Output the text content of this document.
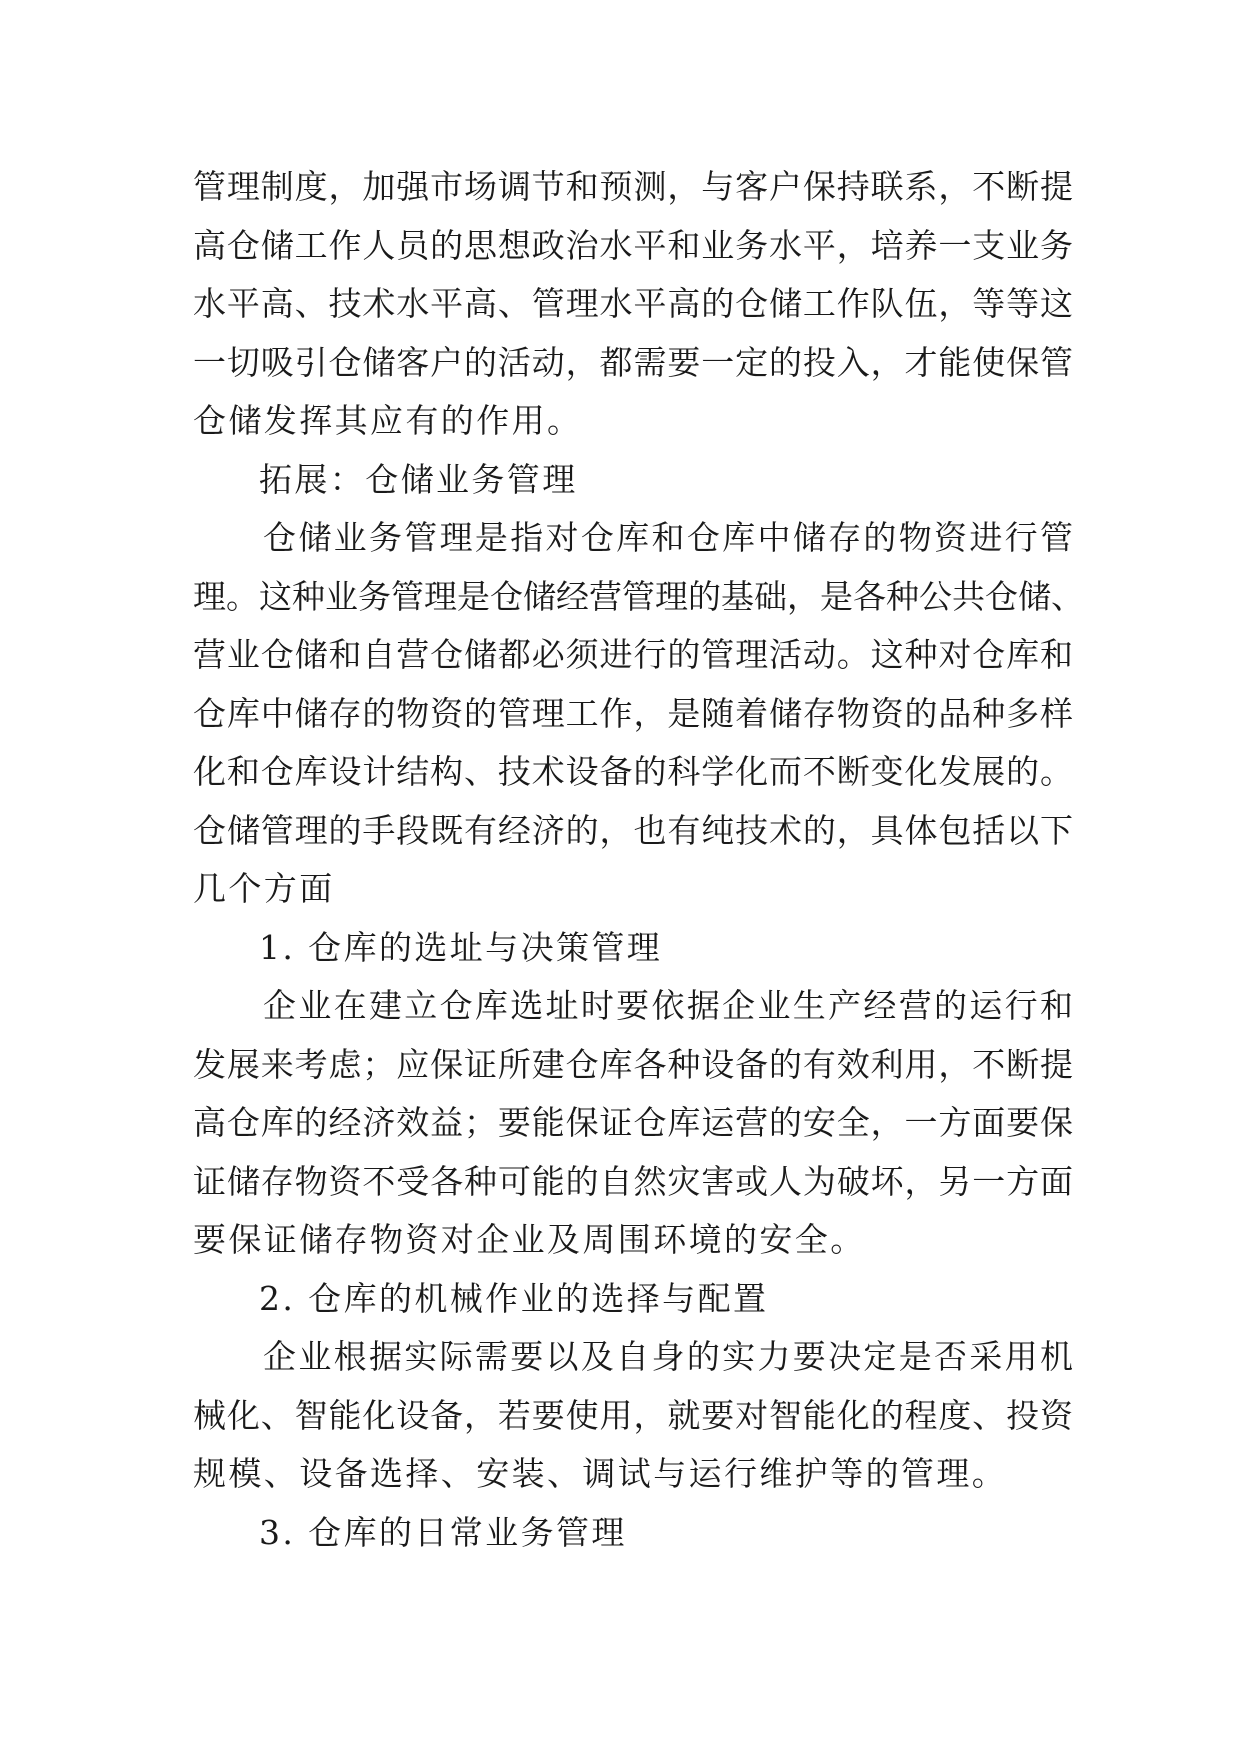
管理制度，加强市场调节和预测，与客户保持联系，不断提
高仓储工作人员的思想政治水平和业务水平，培养一支业务
水平高、技术水平高、管理水平高的仓储工作队伍，等等这
一切吸引仓储客户的活动，都需要一定的投入，才能使保管
仓储发挥其应有的作用。
拓展：仓储业务管理
仓储业务管理是指对仓库和仓库中储存的物资进行管
理。这种业务管理是仓储经营管理的基础，是各种公共仓储、
营业仓储和自营仓储都必须进行的管理活动。这种对仓库和
仓库中储存的物资的管理工作，是随着储存物资的品种多样
化和仓库设计结构、技术设备的科学化而不断变化发展的。
仓储管理的手段既有经济的，也有纯技术的，具体包括以下
几个方面
1. 仓库的选址与决策管理
企业在建立仓库选址时要依据企业生产经营的运行和
发展来考虑；应保证所建仓库各种设备的有效利用，不断提
高仓库的经济效益；要能保证仓库运营的安全，一方面要保
证储存物资不受各种可能的自然灾害或人为破坏，另一方面
要保证储存物资对企业及周围环境的安全。
2. 仓库的机械作业的选择与配置
企业根据实际需要以及自身的实力要决定是否采用机
械化、智能化设备，若要使用，就要对智能化的程度、投资
规模、设备选择、安装、调试与运行维护等的管理。
3. 仓库的日常业务管理
